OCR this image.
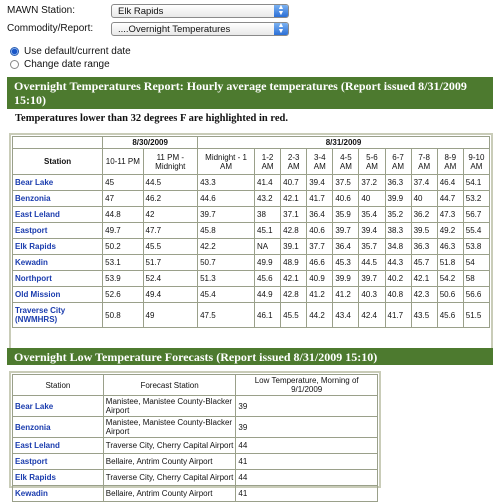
MAWN Station:	Elk Rapids	▲
▼
Commodity/Report:	....Overnight Temperatures	▲
▼
Use default/current date
Change date range
Overnight Temperatures Report: Hourly average temperatures (Report issued 8/31/2009 15:10)
Temperatures lower than 32 degrees F are highlighted in red.
	8/30/2009		8/31/2009									
Station	10-11 PM	11 PM - Midnight	Midnight - 1 AM	1-2 AM	2-3 AM	3-4 AM	4-5 AM	5-6 AM	6-7 AM	7-8 AM	8-9 AM	9-10 AM
Bear Lake	45	44.5	43.3	41.4	40.7	39.4	37.5	37.2	36.3	37.4	46.4	54.1
Benzonia	47	46.2	44.6	43.2	42.1	41.7	40.6	40	39.9	40	44.7	53.2
East Leland	44.8	42	39.7	38	37.1	36.4	35.9	35.4	35.2	36.2	47.3	56.7
Eastport	49.7	47.7	45.8	45.1	42.8	40.6	39.7	39.4	38.3	39.5	49.2	55.4
Elk Rapids	50.2	45.5	42.2	NA	39.1	37.7	36.4	35.7	34.8	36.3	46.3	53.8
Kewadin	53.1	51.7	50.7	49.9	48.9	46.6	45.3	44.5	44.3	45.7	51.8	54
Northport	53.9	52.4	51.3	45.6	42.1	40.9	39.9	39.7	40.2	42.1	54.2	58
Old Mission	52.6	49.4	45.4	44.9	42.8	41.2	41.2	40.3	40.8	42.3	50.6	56.6
Traverse City (NWMHRS)	50.8	49	47.5	46.1	45.5	44.2	43.4	42.4	41.7	43.5	45.6	51.5
Overnight Low Temperature Forecasts (Report issued 8/31/2009 15:10)
Station	Forecast Station	Low Temperature, Morning of 9/1/2009
Bear Lake	Manistee, Manistee County-Blacker Airport	39
Benzonia	Manistee, Manistee County-Blacker Airport	39
East Leland	Traverse City, Cherry Capital Airport	44
Eastport	Bellaire, Antrim County Airport	41
Elk Rapids	Traverse City, Cherry Capital Airport	44
Kewadin	Bellaire, Antrim County Airport	41
